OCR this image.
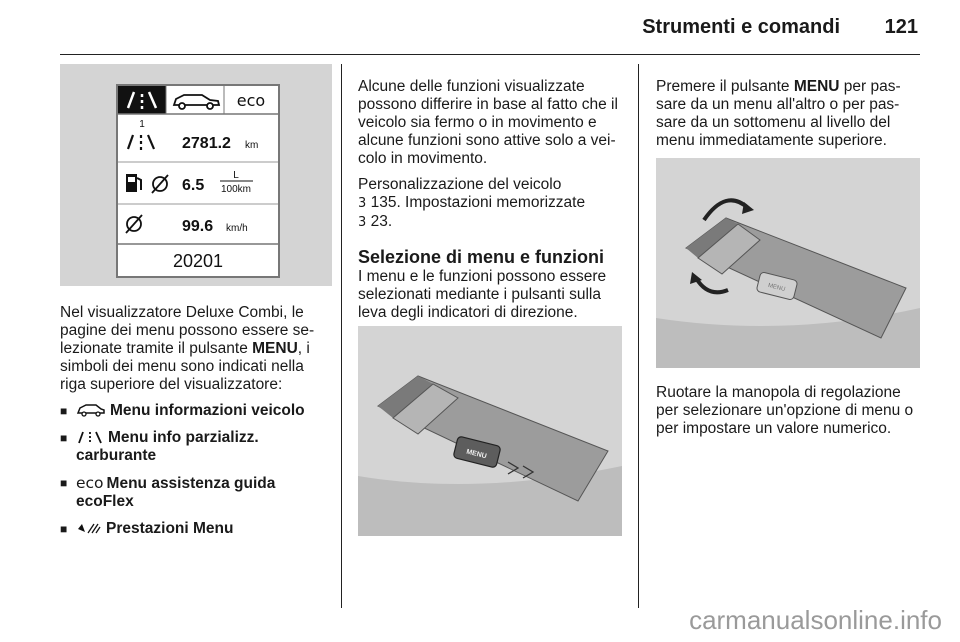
Strumenti e comandi 121
eco
1
2781.2 km
6.5
L
100km
99.6 km/h
20201

Nel visualizzatore Deluxe Combi, le pagine dei menu possono essere se-lezionate tramite il pulsante MENU, i simboli dei menu sono indicati nella riga superiore del visualizzatore:

■ Menu informazioni veicolo
■ Menu info parzializz. carburante
■ eco Menu assistenza guida ecoFlex
■ Prestazioni Menu

Alcune delle funzioni visualizzate possono differire in base al fatto che il veicolo sia fermo o in movimento e alcune funzioni sono attive solo a vei-colo in movimento.

Personalizzazione del veicolo
3 135. Impostazioni memorizzate
3 23.

Selezione di menu e funzioni

I menu e le funzioni possono essere selezionati mediante i pulsanti sulla leva degli indicatori di direzione.

MENU

Premere il pulsante MENU per pas-sare da un menu all'altro o per pas-sare da un sottomenu al livello del menu immediatamente superiore.

MENU

Ruotare la manopola di regolazione per selezionare un'opzione di menu o per impostare un valore numerico.

carmanualsonline.info
